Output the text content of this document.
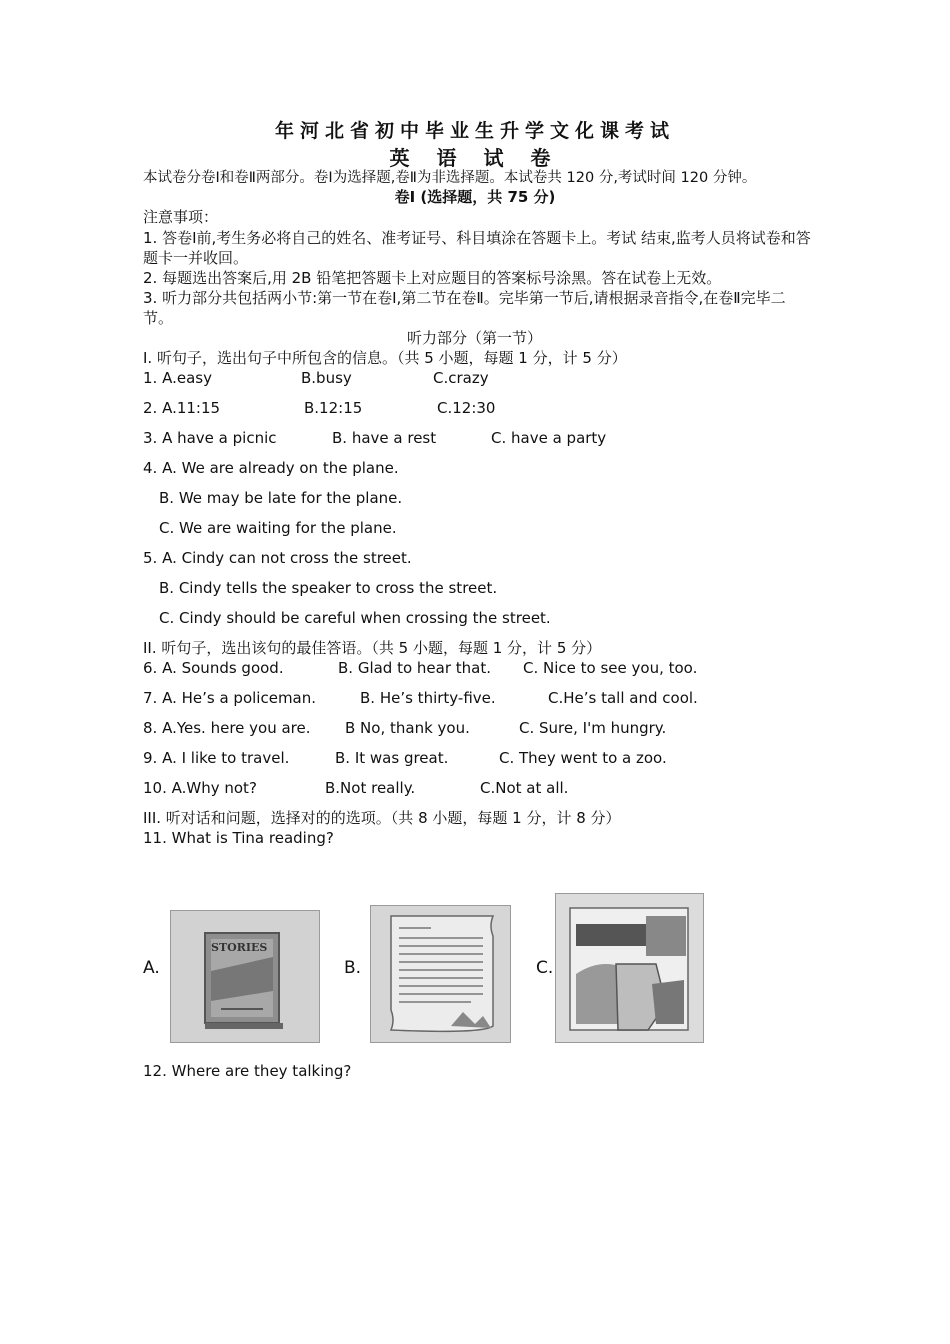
年河北省初中毕业生升学文化课考试
英 语 试 卷
本试卷分卷Ⅰ和卷Ⅱ两部分。卷Ⅰ为选择题,卷Ⅱ为非选择题。本试卷共 120 分,考试时间 120 分钟。
卷Ⅰ (选择题，共 75 分)
注意事项：
1. 答卷Ⅰ前,考生务必将自己的姓名、准考证号、科目填涂在答题卡上。考试 结束,监考人员将试卷和答题卡一并收回。
2. 每题选出答案后,用 2B 铅笔把答题卡上对应题目的答案标号涂黑。答在试卷上无效。
3. 听力部分共包括两小节:第一节在卷Ⅰ,第二节在卷Ⅱ。完毕第一节后,请根据录音指令,在卷Ⅱ完毕二节。
听力部分（第一节）
I. 听句子，选出句子中所包含的信息。（共 5 小题，每题 1 分，计 5 分）
1. A.easy	B.busy	C.crazy
2. A.11:15	B.12:15	C.12:30
3. A have a picnic	B. have a rest	C. have a party
4. A. We are already on the plane.
B. We may be late for the plane.
C. We are waiting for the plane.
5. A. Cindy can not cross the street.
B. Cindy tells the speaker to cross the street.
C. Cindy should be careful when crossing the street.
II. 听句子，选出该句的最佳答语。（共 5 小题，每题 1 分，计 5 分）
6. A. Sounds good.	B. Glad to hear that. C. Nice to see you, too.
7. A. He’s a policeman.	B. He’s thirty-five.	C.He’s tall and cool.
8. A.Yes. here you are. B No, thank you.	C. Sure, I'm hungry.
9. A. I like to travel.	B. It was great.	C. They went to a zoo.
10. A.Why not?	B.Not really.	C.Not at all.
III. 听对话和问题，选择对的的选项。（共 8 小题，每题 1 分，计 8 分）
11. What is Tina reading?
A.
STORIES
B.	C.
12. Where are they talking?
